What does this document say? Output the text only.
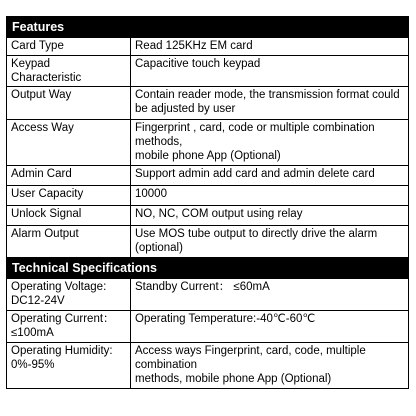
Features	
Card Type	Read 125KHz EM card
Keypad
Characteristic	Capacitive touch keypad
Output Way	Contain reader mode, the transmission format could
be adjusted by user
Access Way	Fingerprint , card, code or multiple combination
methods,
mobile phone App (Optional)
Admin Card	Support admin add card and admin delete card
User Capacity	10000
Unlock Signal	NO, NC, COM output using relay
Alarm Output	Use MOS tube output to directly drive the alarm
(optional)
Technical Specifications	
Operating Voltage:
DC12-24V	Standby Current： ≤60mA
Operating Current：
≤100mA	Operating Temperature:-40℃-60℃
Operating Humidity:
0%-95%	Access ways Fingerprint, card, code, multiple
combination
methods, mobile phone App (Optional)
